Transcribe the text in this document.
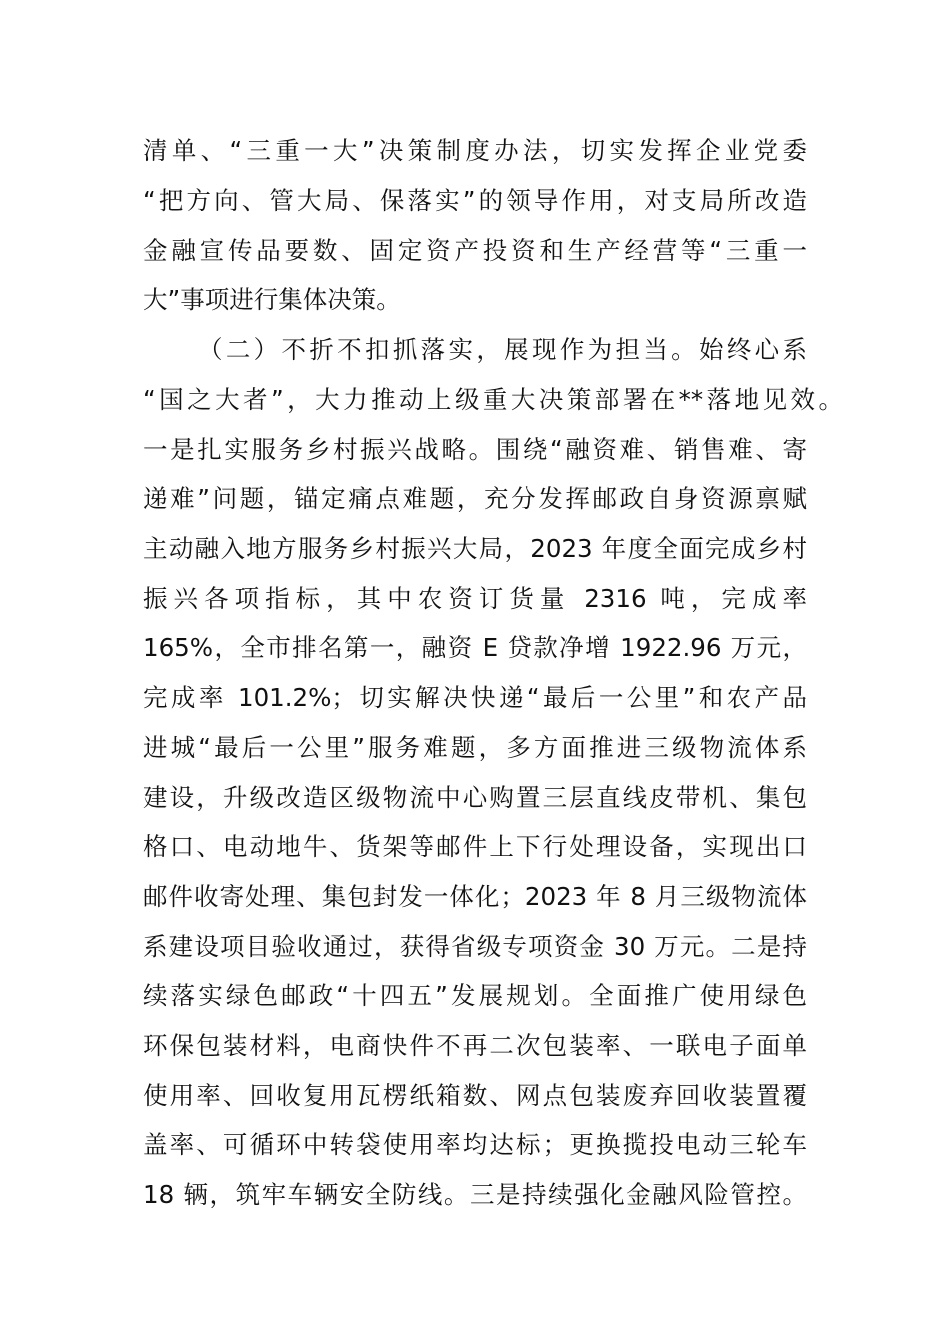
清单、“三重一大”决策制度办法，切实发挥企业党委
“把方向、管大局、保落实”的领导作用，对支局所改造
金融宣传品要数、固定资产投资和生产经营等“三重一
大”事项进行集体决策。
（二）不折不扣抓落实，展现作为担当。始终心系
“国之大者”，大力推动上级重大决策部署在**落地见效。
一是扎实服务乡村振兴战略。围绕“融资难、销售难、寄
递难”问题，锚定痛点难题，充分发挥邮政自身资源禀赋
主动融入地方服务乡村振兴大局，2023 年度全面完成乡村
振兴各项指标，其中农资订货量 2316 吨，完成率
165%，全市排名第一，融资 E 贷款净增 1922.96 万元，
完成率 101.2%；切实解决快递“最后一公里”和农产品
进城“最后一公里”服务难题，多方面推进三级物流体系
建设，升级改造区级物流中心购置三层直线皮带机、集包
格口、电动地牛、货架等邮件上下行处理设备，实现出口
邮件收寄处理、集包封发一体化；2023 年 8 月三级物流体
系建设项目验收通过，获得省级专项资金 30 万元。二是持
续落实绿色邮政“十四五”发展规划。全面推广使用绿色
环保包装材料，电商快件不再二次包装率、一联电子面单
使用率、回收复用瓦楞纸箱数、网点包装废弃回收装置覆
盖率、可循环中转袋使用率均达标；更换揽投电动三轮车
18 辆，筑牢车辆安全防线。三是持续强化金融风险管控。
